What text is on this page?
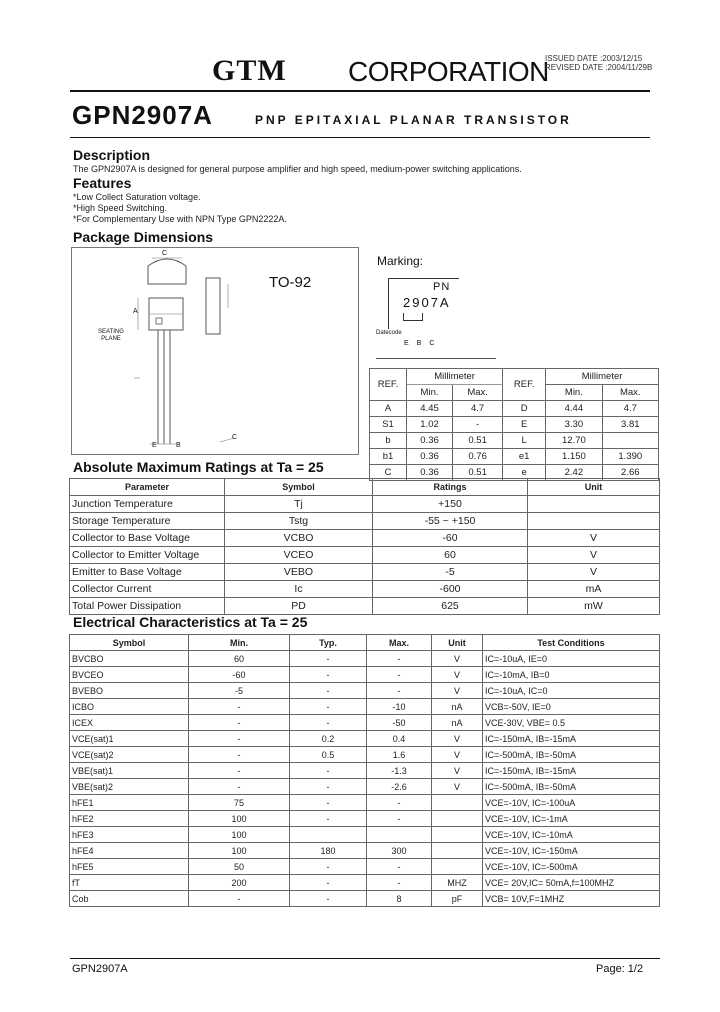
GTM CORPORATION
ISSUED DATE :2003/12/15
REVISED DATE :2004/11/29B
GPN2907A	PNP EPITAXIAL PLANAR TRANSISTOR
Description
The GPN2907A is designed for general purpose amplifier and high speed, medium-power switching applications.
Features
*Low Collect Saturation voltage.
*High Speed Switching.
*For Complementary Use with NPN Type GPN2222A.
Package Dimensions
C
A
E	B
C
SEATING
PLANE
TO-92
Marking:
PN
2907A
Datecode
EBC
REF.	Millimeter		REF.	Millimeter	
	Min.	Max.		Min.	Max.
A	4.45	4.7	D	4.44	4.7
S1	1.02	-	E	3.30	3.81
b	0.36	0.51	L	12.70	
b1	0.36	0.76	e1	1.150	1.390
C	0.36	0.51	e	2.42	2.66
Absolute Maximum Ratings at Ta = 25
Parameter	Symbol	Ratings	Unit
Junction Temperature	Tj	+150	
Storage Temperature	Tstg	-55 ~ +150	
Collector to Base Voltage	VCBO	-60	V
Collector to Emitter Voltage	VCEO	60	V
Emitter to Base Voltage	VEBO	-5	V
Collector Current	Ic	-600	mA
Total Power Dissipation	PD	625	mW
Electrical Characteristics at Ta = 25
Symbol	Min.	Typ.	Max.	Unit	Test Conditions
BVCBO	60	-	-	V	IC=-10uA, IE=0
BVCEO	-60	-	-	V	IC=-10mA, IB=0
BVEBO	-5	-	-	V	IC=-10uA, IC=0
ICBO	-	-	-10	nA	VCB=-50V, IE=0
ICEX	-	-	-50	nA	VCE-30V, VBE= 0.5
VCE(sat)1	-	0.2	0.4	V	IC=-150mA, IB=-15mA
VCE(sat)2	-	0.5	1.6	V	IC=-500mA, IB=-50mA
VBE(sat)1	-	-	-1.3	V	IC=-150mA, IB=-15mA
VBE(sat)2	-	-	-2.6	V	IC=-500mA, IB=-50mA
hFE1	75	-	-		VCE=-10V, IC=-100uA
hFE2	100	-	-		VCE=-10V, IC=-1mA
hFE3	100				VCE=-10V, IC=-10mA
hFE4	100	180	300		VCE=-10V, IC=-150mA
hFE5	50	-	-		VCE=-10V, IC=-500mA
fT	200	-	-	MHZ	VCE= 20V,IC= 50mA,f=100MHZ
Cob	-	-	8	pF	VCB= 10V,F=1MHZ
GPN2907A	Page: 1/2
